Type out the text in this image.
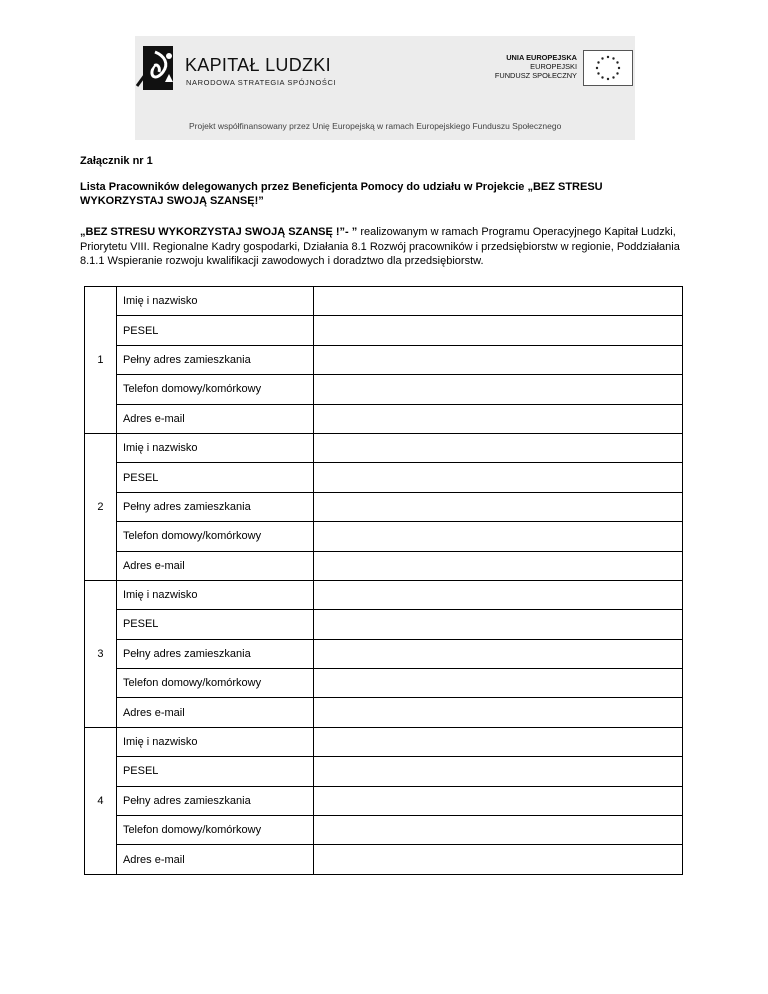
KAPITAŁ LUDZKI
NARODOWA STRATEGIA SPÓJNOŚCI
UNIA EUROPEJSKA
EUROPEJSKI
FUNDUSZ SPOŁECZNY
Projekt współfinansowany przez Unię Europejską w ramach Europejskiego Funduszu Społecznego
Załącznik nr 1
Lista Pracowników delegowanych przez Beneficjenta Pomocy do udziału w Projekcie „BEZ STRESU WYKORZYSTAJ SWOJĄ SZANSĘ!”
„BEZ STRESU WYKORZYSTAJ SWOJĄ SZANSĘ !”- ” realizowanym w ramach Programu Operacyjnego Kapitał Ludzki, Priorytetu VIII. Regionalne Kadry gospodarki, Działania 8.1 Rozwój pracowników i przedsiębiorstw w regionie, Poddziałania 8.1.1 Wspieranie rozwoju kwalifikacji zawodowych i doradztwo dla przedsiębiorstw.
1	Imię i nazwisko	
	PESEL	
	Pełny adres zamieszkania	
	Telefon domowy/komórkowy	
	Adres e-mail	
2	Imię i nazwisko	
	PESEL	
	Pełny adres zamieszkania	
	Telefon domowy/komórkowy	
	Adres e-mail	
3	Imię i nazwisko	
	PESEL	
	Pełny adres zamieszkania	
	Telefon domowy/komórkowy	
	Adres e-mail	
4	Imię i nazwisko	
	PESEL	
	Pełny adres zamieszkania	
	Telefon domowy/komórkowy	
	Adres e-mail	
